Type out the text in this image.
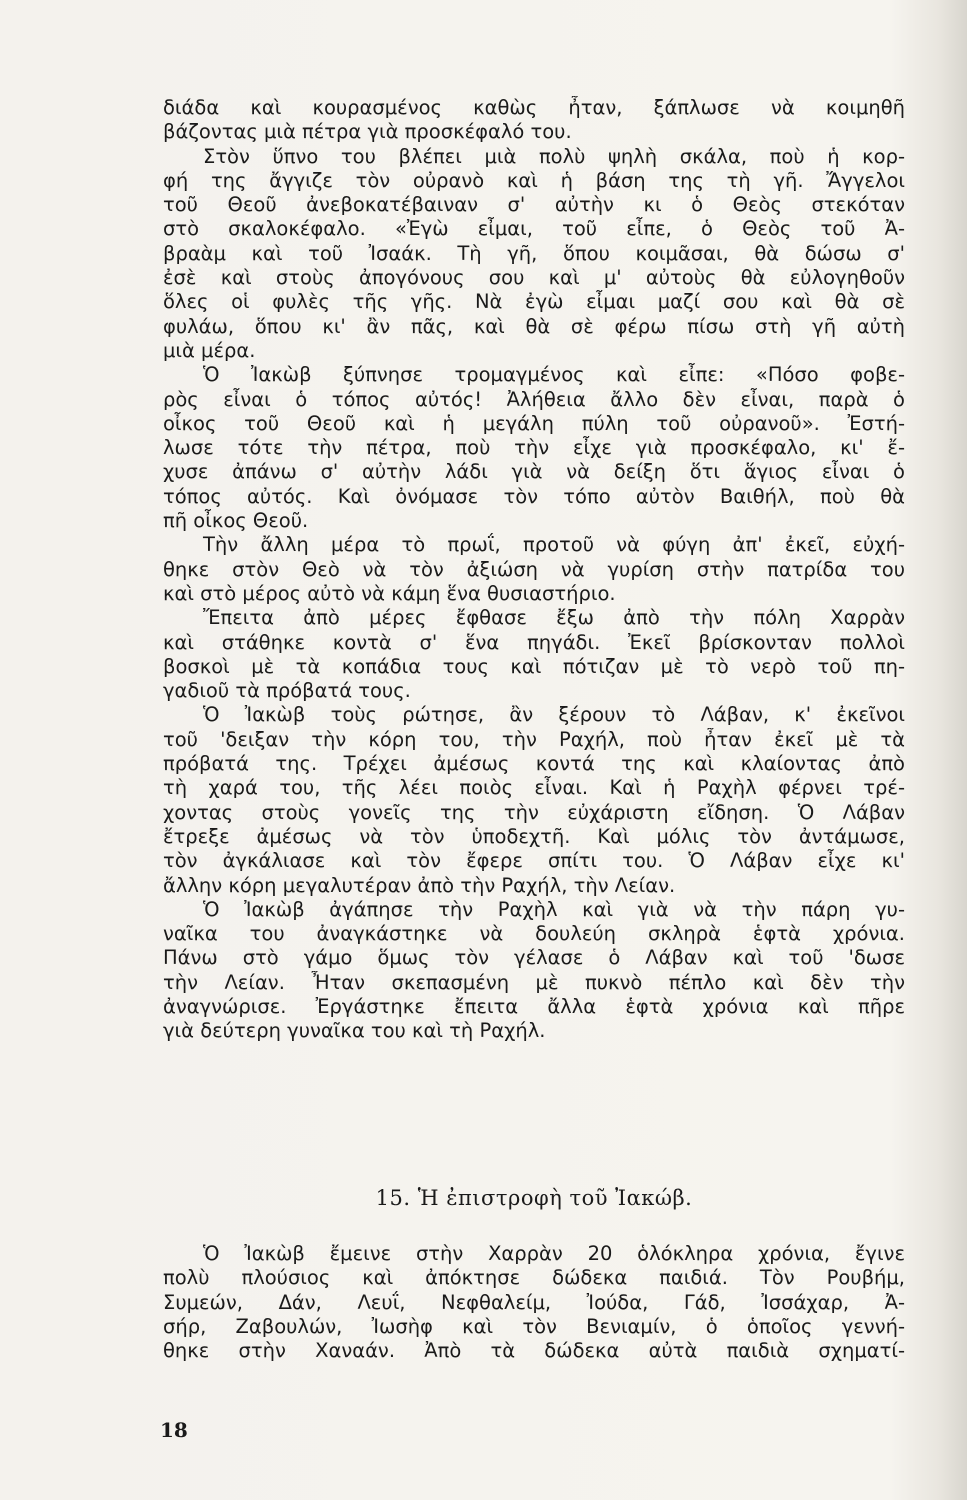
διάδα καὶ κουρασμένος καθὼς ἦταν, ξάπλωσε νὰ κοιμηθῆ
βάζοντας μιὰ πέτρα γιὰ προσκέφαλό του.
Στὸν ὕπνο του βλέπει μιὰ πολὺ ψηλὴ σκάλα, ποὺ ἡ κορ-
φή της ἄγγιζε τὸν οὐρανὸ καὶ ἡ βάση της τὴ γῆ. Ἄγγελοι
τοῦ Θεοῦ ἀνεβοκατέβαιναν σ' αὐτὴν κι ὁ Θεὸς στεκόταν
στὸ σκαλοκέφαλο. «Ἐγὼ εἶμαι, τοῦ εἶπε, ὁ Θεὸς τοῦ Ἀ-
βραὰμ καὶ τοῦ Ἰσαάκ. Τὴ γῆ, ὅπου κοιμᾶσαι, θὰ δώσω σ'
ἐσὲ καὶ στοὺς ἀπογόνους σου καὶ μ' αὐτοὺς θὰ εὐλογηθοῦν
ὅλες οἱ φυλὲς τῆς γῆς. Νὰ ἐγὼ εἶμαι μαζί σου καὶ θὰ σὲ
φυλάω, ὅπου κι' ἂν πᾶς, καὶ θὰ σὲ φέρω πίσω στὴ γῆ αὐτὴ
μιὰ μέρα.
Ὁ Ἰακὼβ ξύπνησε τρομαγμένος καὶ εἶπε: «Πόσο φοβε-
ρὸς εἶναι ὁ τόπος αὐτός! Ἀλήθεια ἄλλο δὲν εἶναι, παρὰ ὁ
οἶκος τοῦ Θεοῦ καὶ ἡ μεγάλη πύλη τοῦ οὐρανοῦ». Ἐστή-
λωσε τότε τὴν πέτρα, ποὺ τὴν εἶχε γιὰ προσκέφαλο, κι' ἔ-
χυσε ἀπάνω σ' αὐτὴν λάδι γιὰ νὰ δείξη ὅτι ἅγιος εἶναι ὁ
τόπος αὐτός. Καὶ ὀνόμασε τὸν τόπο αὐτὸν Βαιθήλ, ποὺ θὰ
πῆ οἶκος Θεοῦ.
Τὴν ἄλλη μέρα τὸ πρωΐ, προτοῦ νὰ φύγη ἀπ' ἐκεῖ, εὐχή-
θηκε στὸν Θεὸ νὰ τὸν ἀξιώση νὰ γυρίση στὴν πατρίδα του
καὶ στὸ μέρος αὐτὸ νὰ κάμη ἕνα θυσιαστήριο.
Ἔπειτα ἀπὸ μέρες ἔφθασε ἔξω ἀπὸ τὴν πόλη Χαρρὰν
καὶ στάθηκε κοντὰ σ' ἕνα πηγάδι. Ἐκεῖ βρίσκονταν πολλοὶ
βοσκοὶ μὲ τὰ κοπάδια τους καὶ πότιζαν μὲ τὸ νερὸ τοῦ πη-
γαδιοῦ τὰ πρόβατά τους.
Ὁ Ἰακὼβ τοὺς ρώτησε, ἂν ξέρουν τὸ Λάβαν, κ' ἐκεῖνοι
τοῦ 'δειξαν τὴν κόρη του, τὴν Ραχήλ, ποὺ ἦταν ἐκεῖ μὲ τὰ
πρόβατά της. Τρέχει ἀμέσως κοντά της καὶ κλαίοντας ἀπὸ
τὴ χαρά του, τῆς λέει ποιὸς εἶναι. Καὶ ἡ Ραχὴλ φέρνει τρέ-
χοντας στοὺς γονεῖς της τὴν εὐχάριστη εἴδηση. Ὁ Λάβαν
ἔτρεξε ἀμέσως νὰ τὸν ὑποδεχτῆ. Καὶ μόλις τὸν ἀντάμωσε,
τὸν ἀγκάλιασε καὶ τὸν ἔφερε σπίτι του. Ὁ Λάβαν εἶχε κι'
ἄλλην κόρη μεγαλυτέραν ἀπὸ τὴν Ραχήλ, τὴν Λείαν.
Ὁ Ἰακὼβ ἀγάπησε τὴν Ραχὴλ καὶ γιὰ νὰ τὴν πάρη γυ-
ναῖκα του ἀναγκάστηκε νὰ δουλεύη σκληρὰ ἑφτὰ χρόνια.
Πάνω στὸ γάμο ὅμως τὸν γέλασε ὁ Λάβαν καὶ τοῦ 'δωσε
τὴν Λείαν. Ἦταν σκεπασμένη μὲ πυκνὸ πέπλο καὶ δὲν τὴν
ἀναγνώρισε. Ἐργάστηκε ἔπειτα ἄλλα ἑφτὰ χρόνια καὶ πῆρε
γιὰ δεύτερη γυναῖκα του καὶ τὴ Ραχήλ.
15. Ἡ ἐπιστροφὴ τοῦ Ἰακώβ.
Ὁ Ἰακὼβ ἔμεινε στὴν Χαρρὰν 20 ὁλόκληρα χρόνια, ἔγινε
πολὺ πλούσιος καὶ ἀπόκτησε δώδεκα παιδιά. Τὸν Ρουβήμ,
Συμεών, Δάν, Λευΐ, Νεφθαλείμ, Ἰούδα, Γάδ, Ἰσσάχαρ, Ἀ-
σήρ, Ζαβουλών, Ἰωσὴφ καὶ τὸν Βενιαμίν, ὁ ὁποῖος γεννή-
θηκε στὴν Χαναάν. Ἀπὸ τὰ δώδεκα αὐτὰ παιδιὰ σχηματί-
18
